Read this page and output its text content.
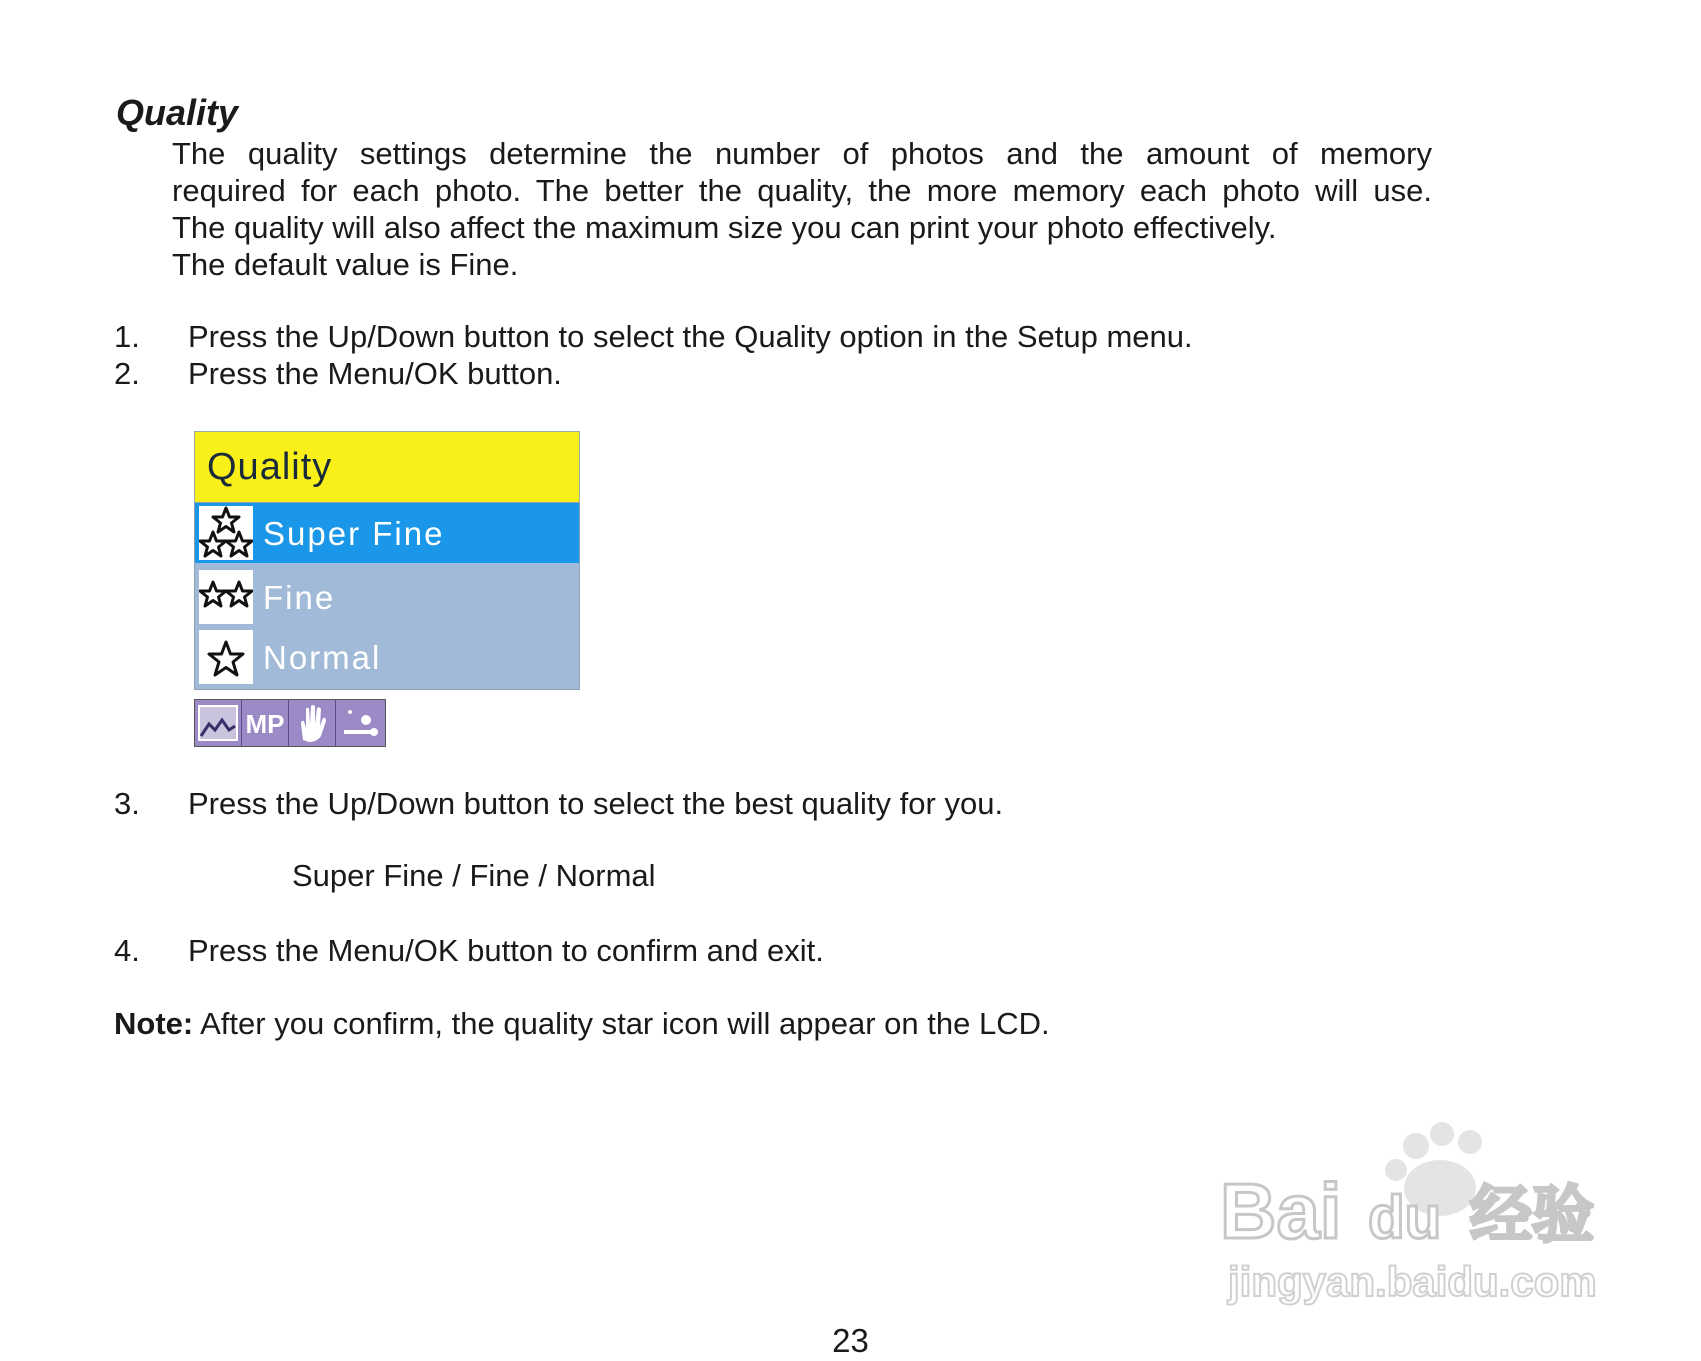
Quality

The quality settings determine the number of photos and the amount of memory

required for each photo. The better the quality, the more memory each photo will use.

The quality will also affect the maximum size you can print your photo effectively.

The default value is Fine.

1. Press the Up/Down button to select the Quality option in the Setup menu.
2. Press the Menu/OK button.
Quality
Super Fine
Fine
Normal
MP
3. Press the Up/Down button to select the best quality for you.
Super Fine / Fine / Normal
4. Press the Menu/OK button to confirm and exit.
Note: After you confirm, the quality star icon will appear on the LCD.
Bai du 经验
jingyan.baidu.com
23
